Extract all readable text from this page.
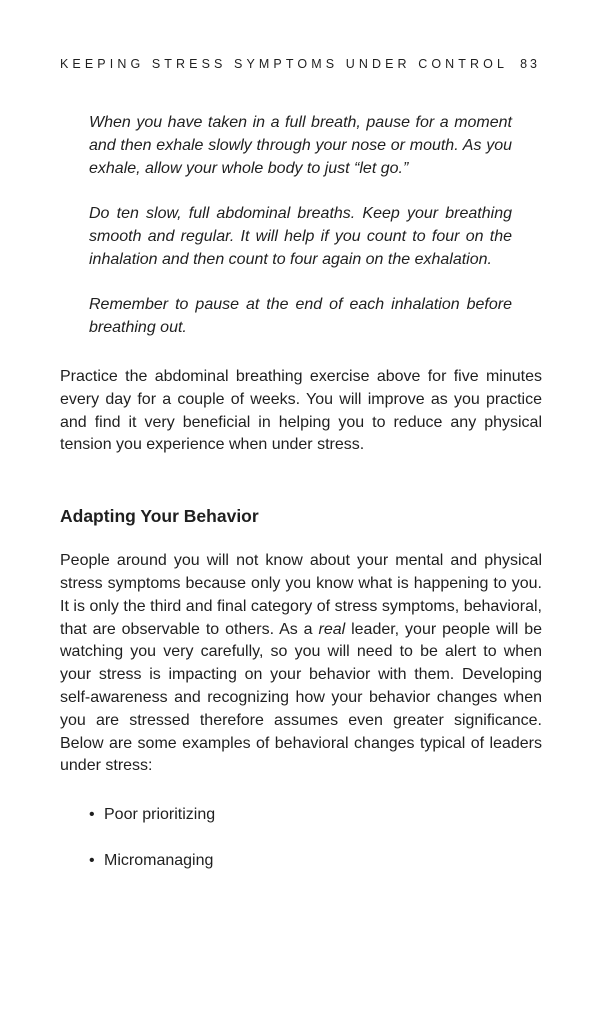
KEEPING STRESS SYMPTOMS UNDER CONTROL 83

When you have taken in a full breath, pause for a moment and then exhale slowly through your nose or mouth. As you exhale, allow your whole body to just “let go.”

Do ten slow, full abdominal breaths. Keep your breathing smooth and regular. It will help if you count to four on the inhalation and then count to four again on the exhalation.

Remember to pause at the end of each inhalation before breathing out.

Practice the abdominal breathing exercise above for five minutes every day for a couple of weeks. You will improve as you practice and find it very beneficial in helping you to reduce any physical tension you experience when under stress.

Adapting Your Behavior

People around you will not know about your mental and physical stress symptoms because only you know what is happening to you. It is only the third and final category of stress symptoms, behavioral, that are observable to others. As a real leader, your people will be watching you very carefully, so you will need to be alert to when your stress is impacting on your behavior with them. Developing self-awareness and recognizing how your behavior changes when you are stressed therefore assumes even greater significance. Below are some examples of behavioral changes typical of leaders under stress:

• Poor prioritizing
• Micromanaging
